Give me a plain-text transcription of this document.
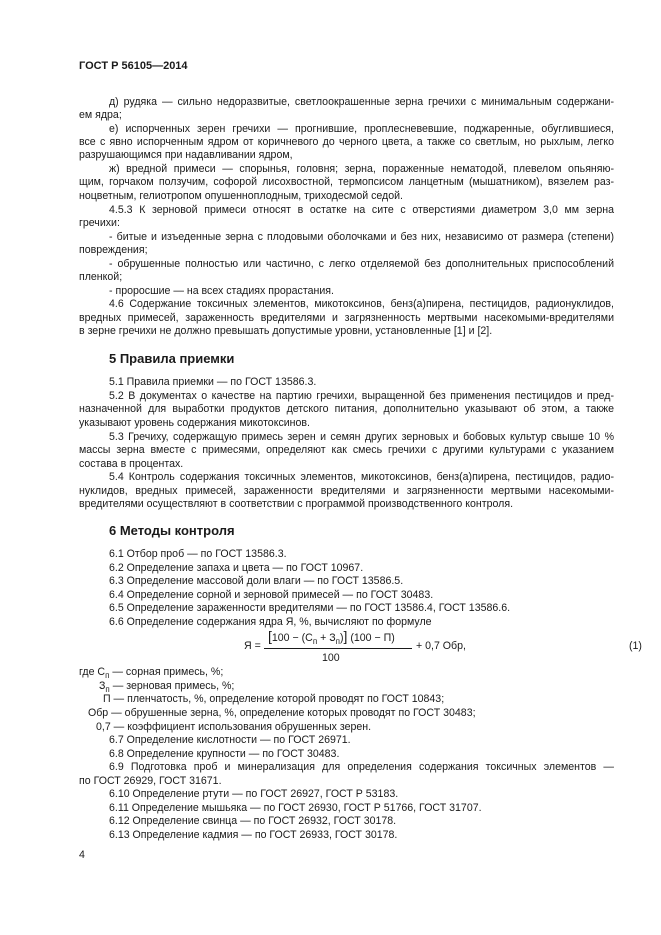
ГОСТ Р 56105—2014
д) рудяка — сильно недоразвитые, светлоокрашенные зерна гречихи с минимальным содержани-
ем ядра;
е) испорченных зерен гречихи — прогнившие, проплесневевшие, поджаренные, обуглившиеся,
все с явно испорченным ядром от коричневого до черного цвета, а также со светлым, но рыхлым, легко
разрушающимся при надавливании ядром,
ж) вредной примеси — спорынья, головня; зерна, пораженные нематодой, плевелом опьяняю-
щим, горчаком ползучим, софорой лисохвостной, термопсисом ланцетным (мышатником), вязелем раз-
ноцветным, гелиотропом опушенноплодным, триходесмой седой.
4.5.3 К зерновой примеси относят в остатке на сите с отверстиями диаметром 3,0 мм зерна
гречихи:
- битые и изъеденные зерна с плодовыми оболочками и без них, независимо от размера (степени)
повреждения;
- обрушенные полностью или частично, с легко отделяемой без дополнительных приспособлений
пленкой;
- проросшие — на всех стадиях прорастания.
4.6 Содержание токсичных элементов, микотоксинов, бенз(а)пирена, пестицидов, радионуклидов,
вредных примесей, зараженность вредителями и загрязненность мертвыми насекомыми-вредителями
в зерне гречихи не должно превышать допустимые уровни, установленные [1] и [2].
5 Правила приемки
5.1 Правила приемки — по ГОСТ 13586.3.
5.2 В документах о качестве на партию гречихи, выращенной без применения пестицидов и пред-
назначенной для выработки продуктов детского питания, дополнительно указывают об этом, а также
указывают уровень содержания микотоксинов.
5.3 Гречиху, содержащую примесь зерен и семян других зерновых и бобовых культур свыше 10 %
массы зерна вместе с примесями, определяют как смесь гречихи с другими культурами с указанием
состава в процентах.
5.4 Контроль содержания токсичных элементов, микотоксинов, бенз(а)пирена, пестицидов, радио-
нуклидов, вредных примесей, зараженности вредителями и загрязненности мертвыми насекомыми-
вредителями осуществляют в соответствии с программой производственного контроля.
6 Методы контроля
6.1 Отбор проб — по ГОСТ 13586.3.
6.2 Определение запаха и цвета — по ГОСТ 10967.
6.3 Определение массовой доли влаги — по ГОСТ 13586.5.
6.4 Определение сорной и зерновой примесей — по ГОСТ 30483.
6.5 Определение зараженности вредителями — по ГОСТ 13586.4, ГОСТ 13586.6.
6.6 Определение содержания ядра Я, %, вычисляют по формуле
Я =
$[100 - (С_п + З_п)]$ (100 − П)
100
+ 0,7 Обр,	(1)
где $С_п$ — сорная примесь, %;
$З_п$ — зерновая примесь, %;
П — пленчатость, %, определение которой проводят по ГОСТ 10843;
Обр — обрушенные зерна, %, определение которых проводят по ГОСТ 30483;
0,7 — коэффициент использования обрушенных зерен.
6.7 Определение кислотности — по ГОСТ 26971.
6.8 Определение крупности — по ГОСТ 30483.
6.9 Подготовка проб и минерализация для определения содержания токсичных элементов —
по ГОСТ 26929, ГОСТ 31671.
6.10 Определение ртути — по ГОСТ 26927, ГОСТ Р 53183.
6.11 Определение мышьяка — по ГОСТ 26930, ГОСТ Р 51766, ГОСТ 31707.
6.12 Определение свинца — по ГОСТ 26932, ГОСТ 30178.
6.13 Определение кадмия — по ГОСТ 26933, ГОСТ 30178.
4
